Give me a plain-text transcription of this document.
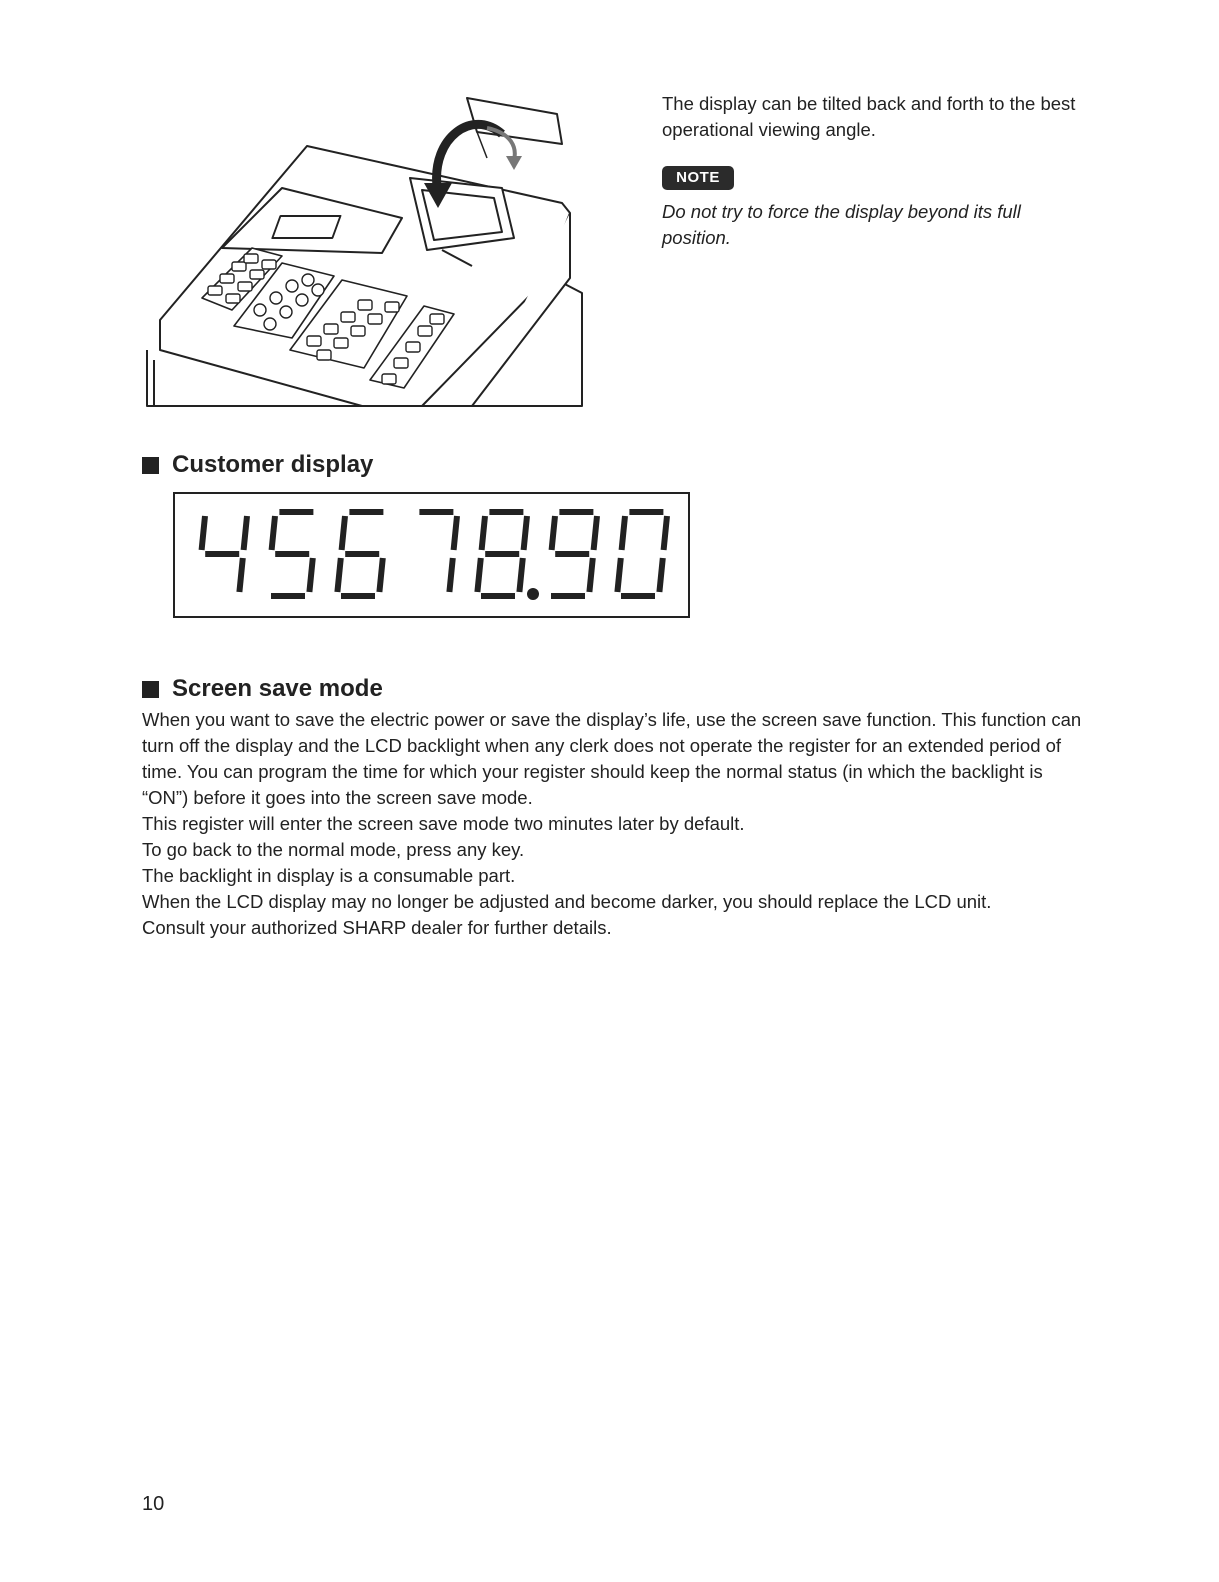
The display can be tilted back and forth to the best operational viewing angle.

NOTE

Do not try to force the display beyond its full position.

Customer display
Screen save mode
When you want to save the electric power or save the display’s life, use the screen save function. This function can turn off the display and the LCD backlight when any clerk does not operate the register for an extended period of time. You can program the time for which your register should keep the normal status (in which the backlight is “ON”) before it goes into the screen save mode.
This register will enter the screen save mode two minutes later by default.
To go back to the normal mode, press any key.
The backlight in display is a consumable part.
When the LCD display may no longer be adjusted and become darker, you should replace the LCD unit.
Consult your authorized SHARP dealer for further details.

10
